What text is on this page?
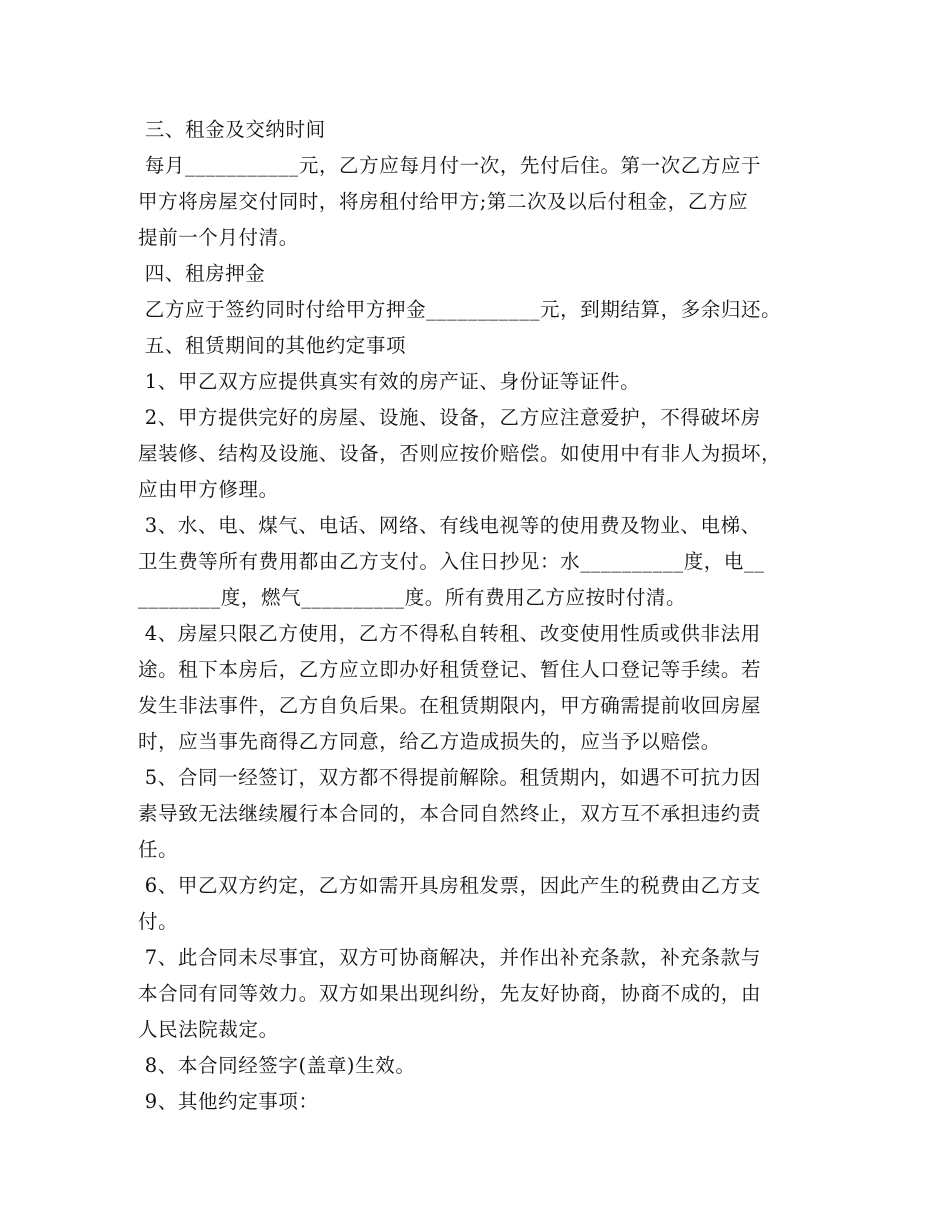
三、租金及交纳时间
每月___________元，乙方应每月付一次，先付后住。第一次乙方应于
甲方将房屋交付同时，将房租付给甲方;第二次及以后付租金，乙方应
提前一个月付清。
四、租房押金
乙方应于签约同时付给甲方押金___________元，到期结算，多余归还。
五、租赁期间的其他约定事项
1、甲乙双方应提供真实有效的房产证、身份证等证件。
2、甲方提供完好的房屋、设施、设备，乙方应注意爱护，不得破坏房
屋装修、结构及设施、设备，否则应按价赔偿。如使用中有非人为损坏，
应由甲方修理。
3、水、电、煤气、电话、网络、有线电视等的使用费及物业、电梯、
卫生费等所有费用都由乙方支付。入住日抄见：水__________度，电__
________度，燃气__________度。所有费用乙方应按时付清。
4、房屋只限乙方使用，乙方不得私自转租、改变使用性质或供非法用
途。租下本房后，乙方应立即办好租赁登记、暂住人口登记等手续。若
发生非法事件，乙方自负后果。在租赁期限内，甲方确需提前收回房屋
时，应当事先商得乙方同意，给乙方造成损失的，应当予以赔偿。
5、合同一经签订，双方都不得提前解除。租赁期内，如遇不可抗力因
素导致无法继续履行本合同的，本合同自然终止，双方互不承担违约责
任。
6、甲乙双方约定，乙方如需开具房租发票，因此产生的税费由乙方支
付。
7、此合同未尽事宜，双方可协商解决，并作出补充条款，补充条款与
本合同有同等效力。双方如果出现纠纷，先友好协商，协商不成的，由
人民法院裁定。
8、本合同经签字(盖章)生效。
9、其他约定事项：
